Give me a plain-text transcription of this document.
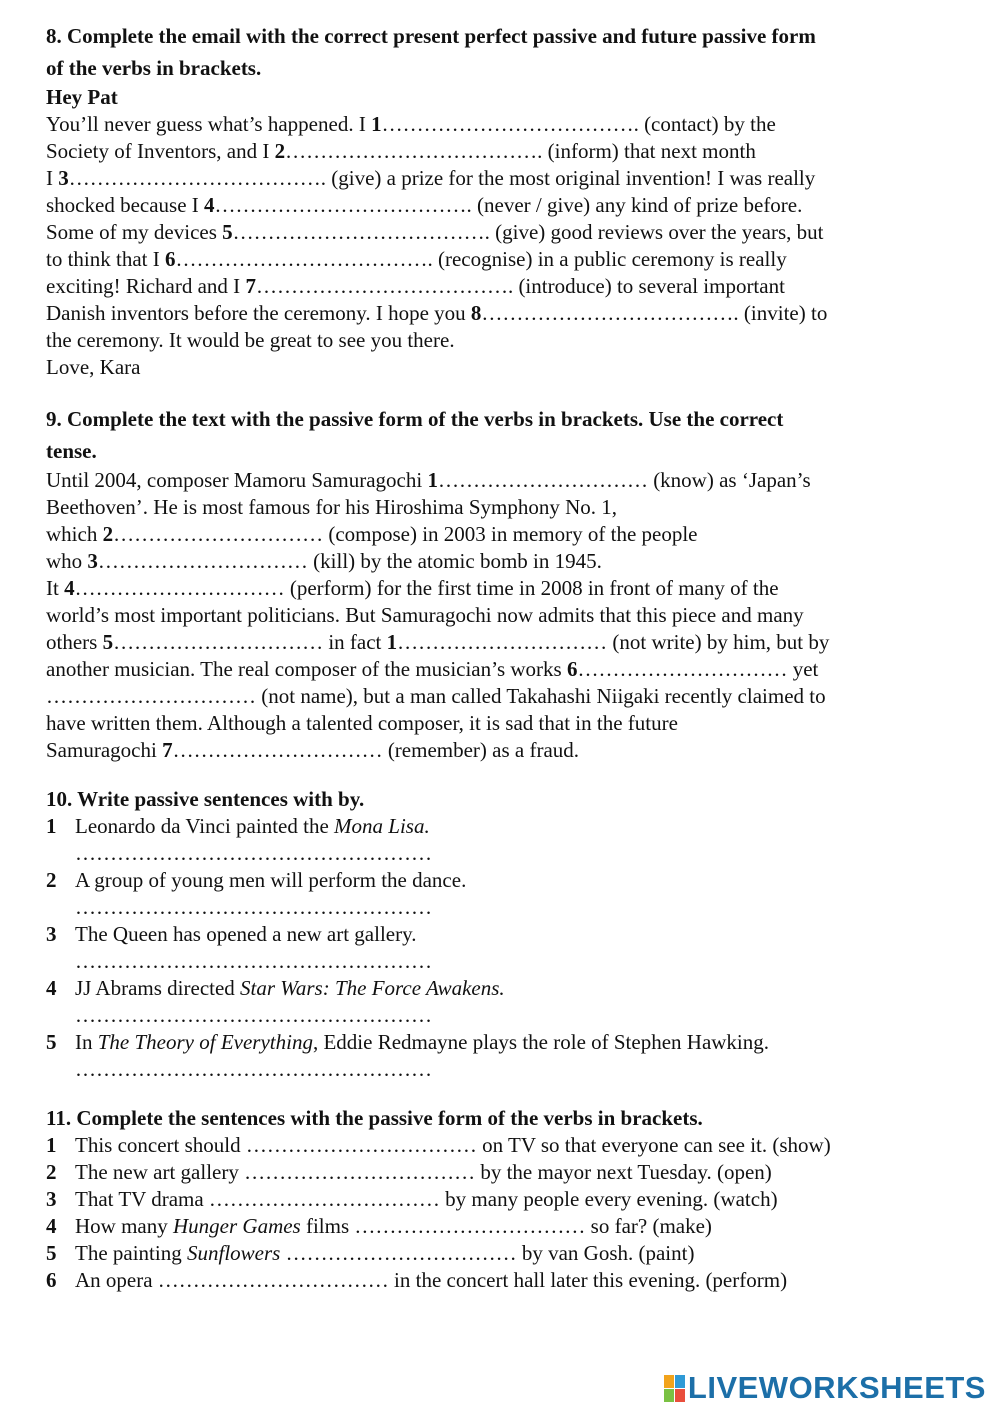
8. Complete the email with the correct present perfect passive and future passive form
of the verbs in brackets.
Hey Pat
You’ll never guess what’s happened. I 1………………………………. (contact) by the
Society of Inventors, and I 2………………………………. (inform) that next month
I 3………………………………. (give) a prize for the most original invention! I was really
shocked because I 4………………………………. (never / give) any kind of prize before.
Some of my devices 5………………………………. (give) good reviews over the years, but
to think that I 6………………………………. (recognise) in a public ceremony is really
exciting! Richard and I 7………………………………. (introduce) to several important
Danish inventors before the ceremony. I hope you 8………………………………. (invite) to
the ceremony. It would be great to see you there.
Love, Kara
9. Complete the text with the passive form of the verbs in brackets. Use the correct
tense.
Until 2004, composer Mamoru Samuragochi 1………………………… (know) as ‘Japan’s
Beethoven’. He is most famous for his Hiroshima Symphony No. 1,
which 2………………………… (compose) in 2003 in memory of the people
who 3………………………… (kill) by the atomic bomb in 1945.
It 4………………………… (perform) for the first time in 2008 in front of many of the
world’s most important politicians. But Samuragochi now admits that this piece and many
others 5………………………… in fact 1………………………… (not write) by him, but by
another musician. The real composer of the musician’s works 6………………………… yet
………………………… (not name), but a man called Takahashi Niigaki recently claimed to
have written them. Although a talented composer, it is sad that in the future
Samuragochi 7………………………… (remember) as a fraud.
10. Write passive sentences with by.
1 Leonardo da Vinci painted the Mona Lisa.
……………………………………………
2 A group of young men will perform the dance.
……………………………………………
3 The Queen has opened a new art gallery.
……………………………………………
4 JJ Abrams directed Star Wars: The Force Awakens.
……………………………………………
5 In The Theory of Everything, Eddie Redmayne plays the role of Stephen Hawking.
……………………………………………
11. Complete the sentences with the passive form of the verbs in brackets.
1 This concert should …………………………… on TV so that everyone can see it. (show)
2 The new art gallery …………………………… by the mayor next Tuesday. (open)
3 That TV drama …………………………… by many people every evening. (watch)
4 How many Hunger Games films …………………………… so far? (make)
5 The painting Sunflowers …………………………… by van Gosh. (paint)
6 An opera …………………………… in the concert hall later this evening. (perform)
LIVEWORKSHEETS
